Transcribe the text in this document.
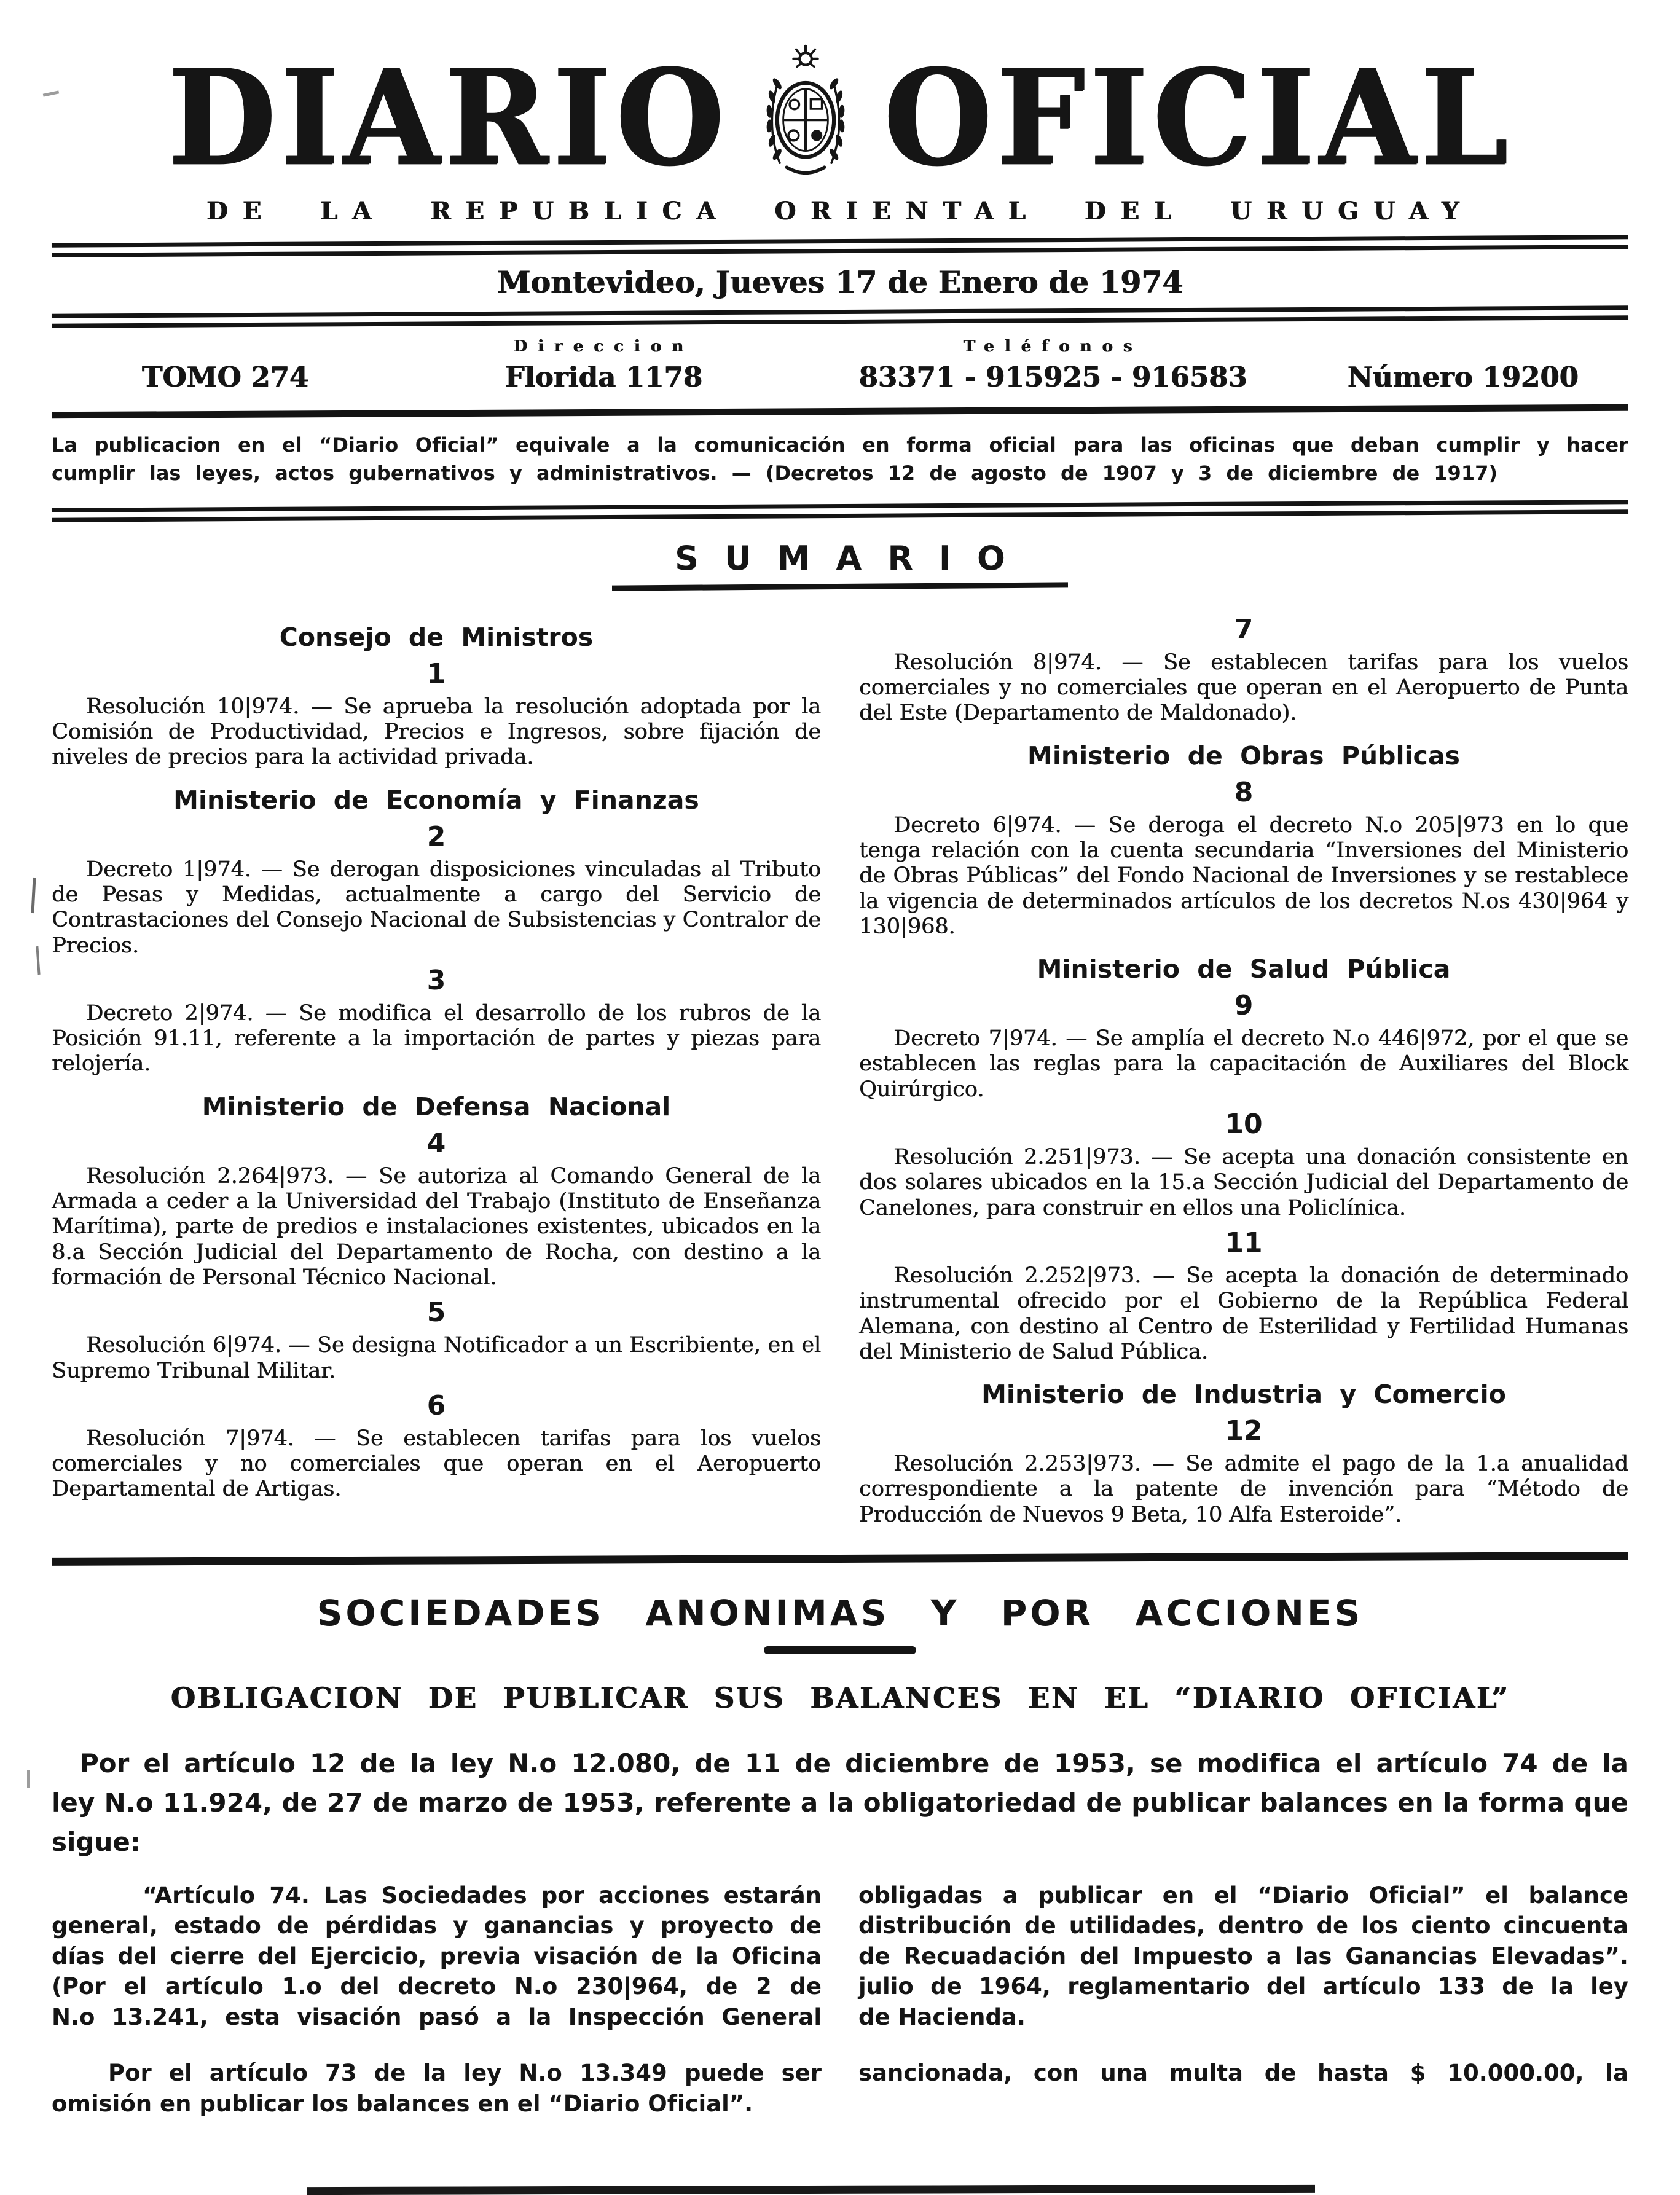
DIARIO OFICIAL
DE LA REPUBLICA ORIENTAL DEL URUGUAY
Montevideo, Jueves 17 de Enero de 1974
TOMO 274
Direccion
Florida 1178
Teléfonos
83371 - 915925 - 916583	Número 19200
La publicacion en el “Diario Oficial” equivale a la comunicación en forma oficial para las oficinas que deban cumplir y hacer
cumplir las leyes, actos gubernativos y administrativos. — (Decretos 12 de agosto de 1907 y 3 de diciembre de 1917)
SUMARIO
Consejo de Ministros
1
Resolución 10|974. — Se aprueba la resolución adoptada por la Comisión de Productividad, Precios e Ingresos, sobre fijación de niveles de precios para la actividad privada.
Ministerio de Economía y Finanzas
2
Decreto 1|974. — Se derogan disposiciones vinculadas al Tributo de Pesas y Medidas, actualmente a cargo del Servicio de Contrastaciones del Consejo Nacional de Subsistencias y Contralor de Precios.
3
Decreto 2|974. — Se modifica el desarrollo de los rubros de la Posición 91.11, referente a la importación de partes y piezas para relojería.
Ministerio de Defensa Nacional
4
Resolución 2.264|973. — Se autoriza al Comando General de la Armada a ceder a la Universidad del Trabajo (Instituto de Enseñanza Marítima), parte de predios e instalaciones existentes, ubicados en la 8.a Sección Judicial del Departamento de Rocha, con destino a la formación de Personal Técnico Nacional.
5
Resolución 6|974. — Se designa Notificador a un Escribiente, en el Supremo Tribunal Militar.
6
Resolución 7|974. — Se establecen tarifas para los vuelos comerciales y no comerciales que operan en el Aeropuerto Departamental de Artigas.
7
Resolución 8|974. — Se establecen tarifas para los vuelos comerciales y no comerciales que operan en el Aeropuerto de Punta del Este (Departamento de Maldonado).
Ministerio de Obras Públicas
8
Decreto 6|974. — Se deroga el decreto N.o 205|973 en lo que tenga relación con la cuenta secundaria “Inversiones del Ministerio de Obras Públicas” del Fondo Nacional de Inversiones y se restablece la vigencia de determinados artículos de los decretos N.os 430|964 y 130|968.
Ministerio de Salud Pública
9
Decreto 7|974. — Se amplía el decreto N.o 446|972, por el que se establecen las reglas para la capacitación de Auxiliares del Block Quirúrgico.
10
Resolución 2.251|973. — Se acepta una donación consistente en dos solares ubicados en la 15.a Sección Judicial del Departamento de Canelones, para construir en ellos una Policlínica.
11
Resolución 2.252|973. — Se acepta la donación de determinado instrumental ofrecido por el Gobierno de la República Federal Alemana, con destino al Centro de Esterilidad y Fertilidad Humanas del Ministerio de Salud Pública.
Ministerio de Industria y Comercio
12
Resolución 2.253|973. — Se admite el pago de la 1.a anualidad correspondiente a la patente de invención para “Método de Producción de Nuevos 9 Beta, 10 Alfa Esteroide”.
SOCIEDADES ANONIMAS Y POR ACCIONES
OBLIGACION DE PUBLICAR SUS BALANCES EN EL “DIARIO OFICIAL”
Por el artículo 12 de la ley N.o 12.080, de 11 de diciembre de 1953, se modifica el artículo 74 de la
ley N.o 11.924, de 27 de marzo de 1953, referente a la obligatoriedad de publicar balances en la forma que
sigue:
“Artículo 74. Las Sociedades por acciones estarán obligadas a publicar en el “Diario Oficial” el balance
general, estado de pérdidas y ganancias y proyecto de distribución de utilidades, dentro de los ciento cincuenta
días del cierre del Ejercicio, previa visación de la Oficina de Recuadación del Impuesto a las Ganancias Elevadas”.
(Por el artículo 1.o del decreto N.o 230|964, de 2 de julio de 1964, reglamentario del artículo 133 de la ley
N.o 13.241, esta visación pasó a la Inspección General de Hacienda.
Por el artículo 73 de la ley N.o 13.349 puede ser sancionada, con una multa de hasta $ 10.000.00, la
omisión en publicar los balances en el “Diario Oficial”.
